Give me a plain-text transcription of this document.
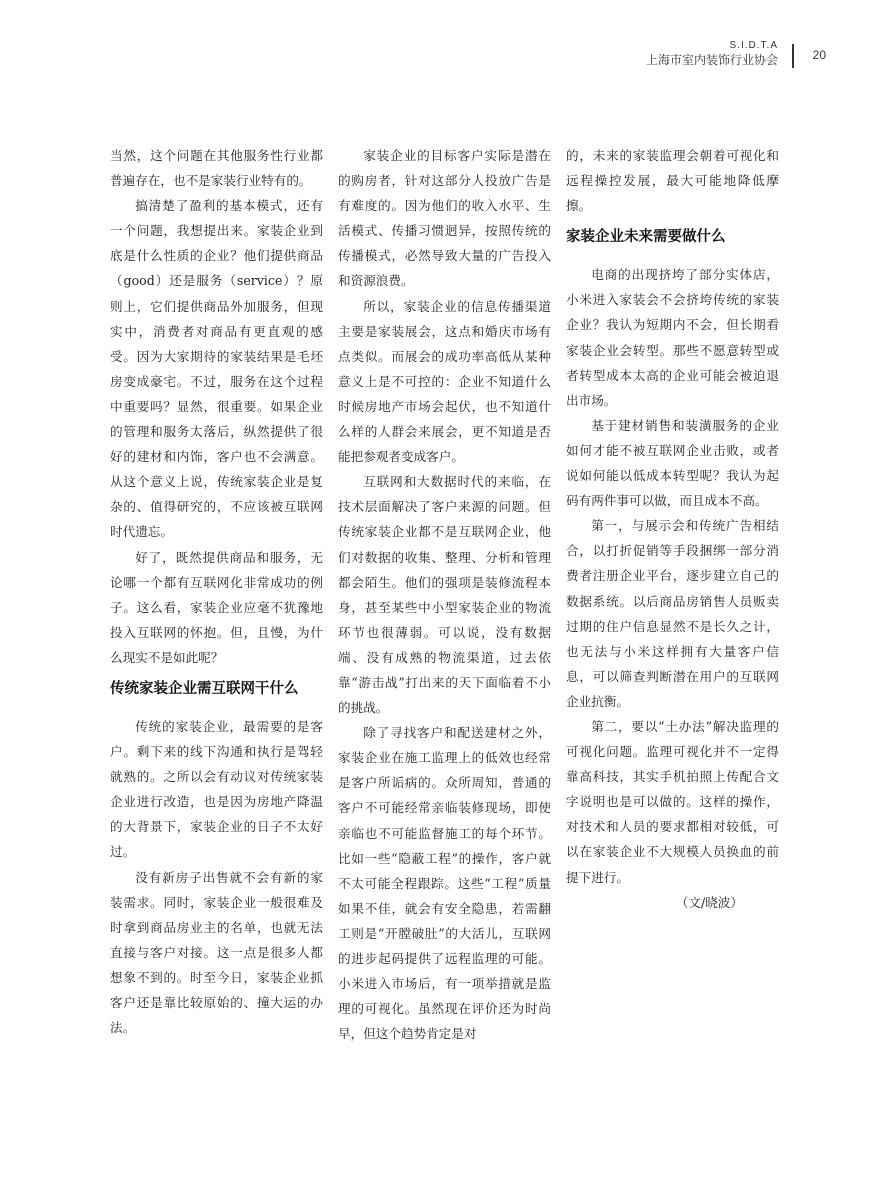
S.I.D.T.A
上海市室内装饰行业协会	20

当然，这个问题在其他服务性行业都普遍存在，也不是家装行业特有的。

搞清楚了盈利的基本模式，还有一个问题，我想提出来。家装企业到底是什么性质的企业？他们提供商品（good）还是服务（service）？原则上，它们提供商品外加服务，但现实中，消费者对商品有更直观的感受。因为大家期待的家装结果是毛坯房变成豪宅。不过，服务在这个过程中重要吗？显然，很重要。如果企业的管理和服务太落后，纵然提供了很好的建材和内饰，客户也不会满意。从这个意义上说，传统家装企业是复杂的、值得研究的，不应该被互联网时代遗忘。

好了，既然提供商品和服务，无论哪一个都有互联网化非常成功的例子。这么看，家装企业应毫不犹豫地投入互联网的怀抱。但，且慢，为什么现实不是如此呢？

传统家装企业需互联网干什么

传统的家装企业，最需要的是客户。剩下来的线下沟通和执行是驾轻就熟的。之所以会有动议对传统家装企业进行改造，也是因为房地产降温的大背景下，家装企业的日子不太好过。

没有新房子出售就不会有新的家装需求。同时，家装企业一般很难及时拿到商品房业主的名单，也就无法直接与客户对接。这一点是很多人都想象不到的。时至今日，家装企业抓客户还是靠比较原始的、撞大运的办法。

家装企业的目标客户实际是潜在的购房者，针对这部分人投放广告是有难度的。因为他们的收入水平、生活模式、传播习惯迥异，按照传统的传播模式，必然导致大量的广告投入和资源浪费。

所以，家装企业的信息传播渠道主要是家装展会，这点和婚庆市场有点类似。而展会的成功率高低从某种意义上是不可控的：企业不知道什么时候房地产市场会起伏，也不知道什么样的人群会来展会，更不知道是否能把参观者变成客户。

互联网和大数据时代的来临，在技术层面解决了客户来源的问题。但传统家装企业都不是互联网企业，他们对数据的收集、整理、分析和管理都会陌生。他们的强项是装修流程本身，甚至某些中小型家装企业的物流环节也很薄弱。可以说，没有数据端、没有成熟的物流渠道，过去依靠“游击战”打出来的天下面临着不小的挑战。

除了寻找客户和配送建材之外，家装企业在施工监理上的低效也经常是客户所诟病的。众所周知，普通的客户不可能经常亲临装修现场，即使亲临也不可能监督施工的每个环节。比如一些“隐蔽工程”的操作，客户就不太可能全程跟踪。这些“工程”质量如果不佳，就会有安全隐患，若需翻工则是“开膛破肚”的大活儿，互联网的进步起码提供了远程监理的可能。小米进入市场后，有一项举措就是监理的可视化。虽然现在评价还为时尚早，但这个趋势肯定是对

的，未来的家装监理会朝着可视化和远程操控发展，最大可能地降低摩擦。

家装企业未来需要做什么

电商的出现挤垮了部分实体店，小米进入家装会不会挤垮传统的家装企业？我认为短期内不会，但长期看家装企业会转型。那些不愿意转型或者转型成本太高的企业可能会被迫退出市场。

基于建材销售和装潢服务的企业如何才能不被互联网企业击败，或者说如何能以低成本转型呢？我认为起码有两件事可以做，而且成本不高。

第一，与展示会和传统广告相结合，以打折促销等手段捆绑一部分消费者注册企业平台，逐步建立自己的数据系统。以后商品房销售人员贩卖过期的住户信息显然不是长久之计，也无法与小米这样拥有大量客户信息，可以筛查判断潜在用户的互联网企业抗衡。

第二，要以“土办法”解决监理的可视化问题。监理可视化并不一定得靠高科技，其实手机拍照上传配合文字说明也是可以做的。这样的操作，对技术和人员的要求都相对较低，可以在家装企业不大规模人员换血的前提下进行。

（文/晓波）
